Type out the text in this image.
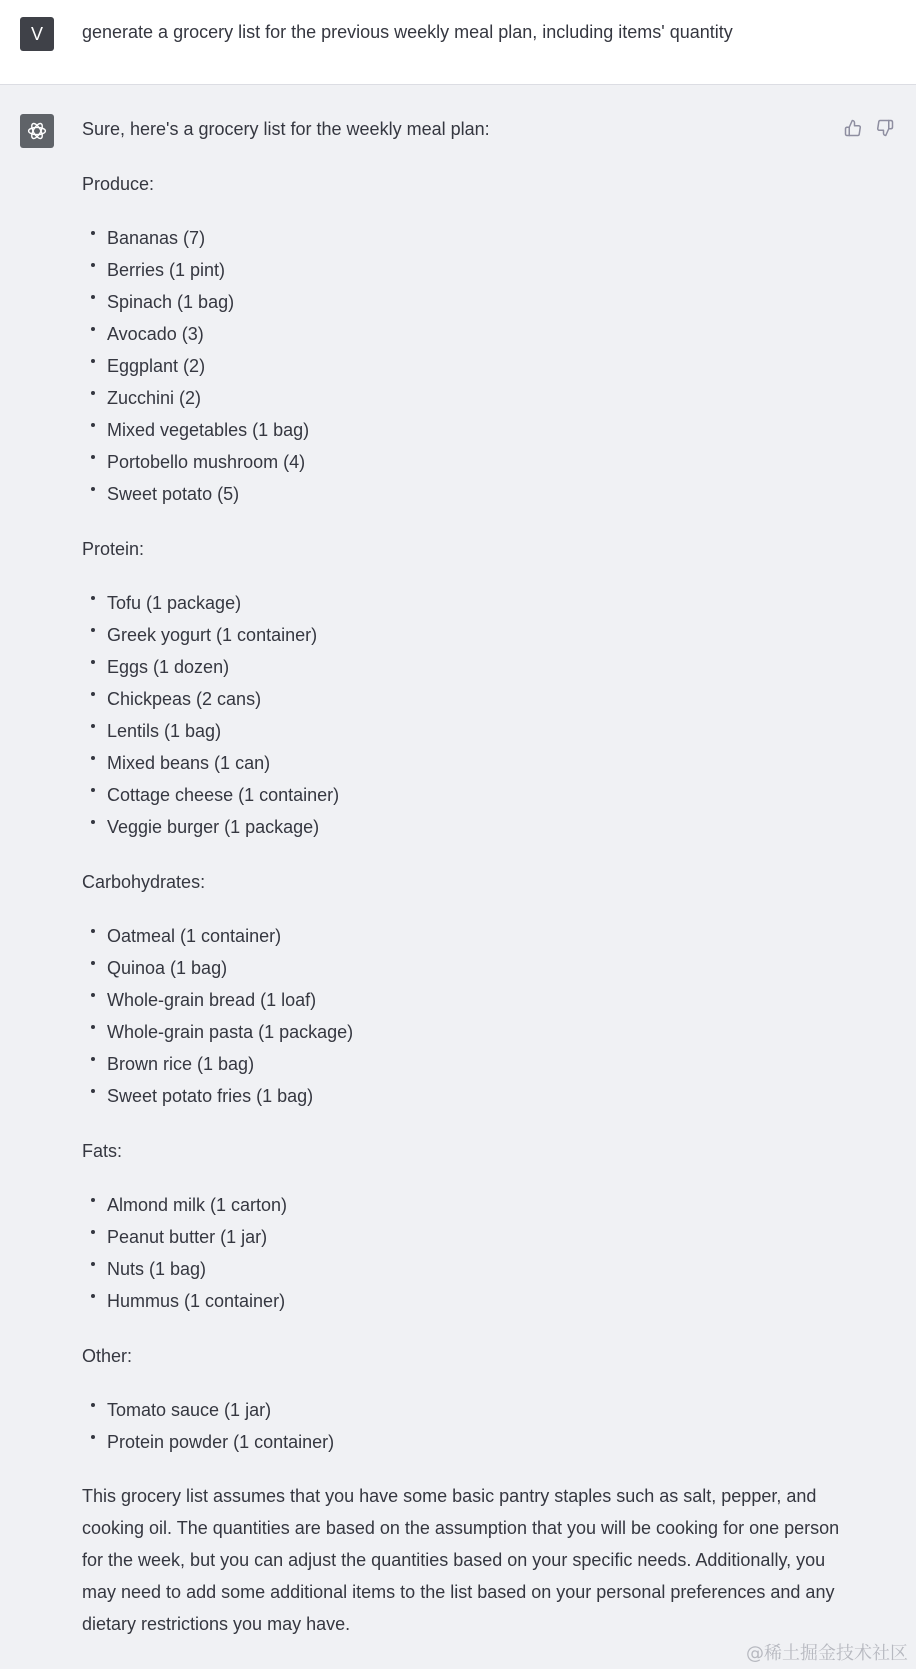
V	generate a grocery list for the previous weekly meal plan, including items' quantity

Sure, here's a grocery list for the weekly meal plan:

Produce:

Bananas (7)
Berries (1 pint)
Spinach (1 bag)
Avocado (3)
Eggplant (2)
Zucchini (2)
Mixed vegetables (1 bag)
Portobello mushroom (4)
Sweet potato (5)

Protein:

Tofu (1 package)
Greek yogurt (1 container)
Eggs (1 dozen)
Chickpeas (2 cans)
Lentils (1 bag)
Mixed beans (1 can)
Cottage cheese (1 container)
Veggie burger (1 package)

Carbohydrates:

Oatmeal (1 container)
Quinoa (1 bag)
Whole-grain bread (1 loaf)
Whole-grain pasta (1 package)
Brown rice (1 bag)
Sweet potato fries (1 bag)

Fats:

Almond milk (1 carton)
Peanut butter (1 jar)
Nuts (1 bag)
Hummus (1 container)

Other:

Tomato sauce (1 jar)
Protein powder (1 container)

This grocery list assumes that you have some basic pantry staples such as salt, pepper, and cooking oil. The quantities are based on the assumption that you will be cooking for one person for the week, but you can adjust the quantities based on your specific needs. Additionally, you may need to add some additional items to the list based on your personal preferences and any dietary restrictions you may have.

@稀土掘金技术社区
